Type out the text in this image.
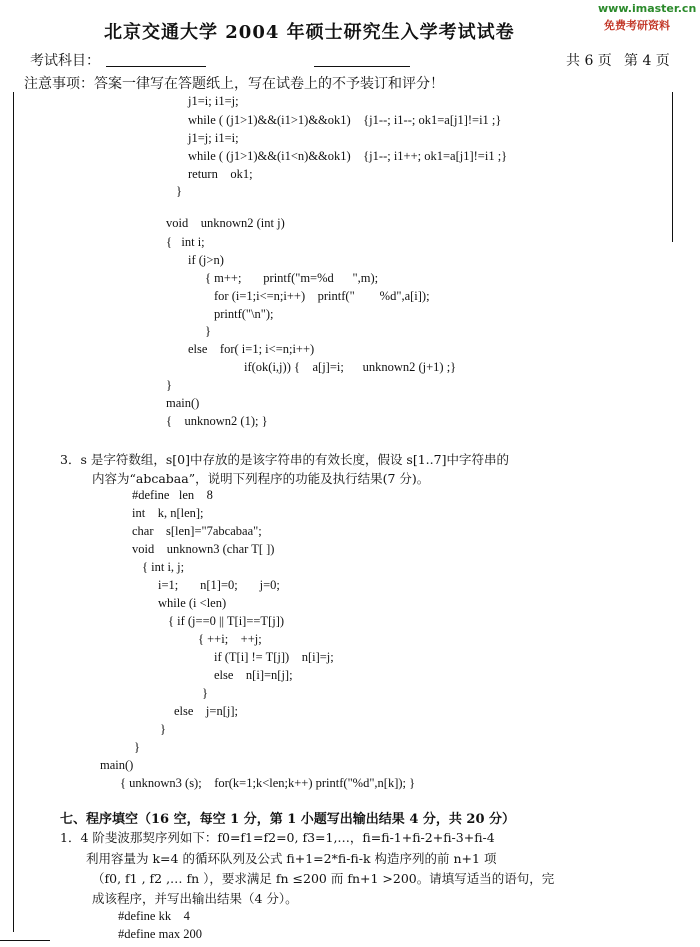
www.imaster.cn
免费考研资料
北京交通大学 2004 年硕士研究生入学考试试卷
考试科目：	共 6 页 第 4 页
注意事项：答案一律写在答题纸上，写在试卷上的不予装订和评分！
j1=i; i1=j;
while ( (j1>1)&&(i1>1)&&ok1)    {j1--; i1--; ok1=a[j1]!=i1 ;}
j1=j; i1=i;
while ( (j1>1)&&(i1<n)&&ok1)    {j1--; i1++; ok1=a[j1]!=i1 ;}
return    ok1;
}
void    unknown2 (int j)
{   int i;
if (j>n)
{ m++;       printf("m=%d      ",m);
for (i=1;i<=n;i++)    printf("        %d",a[i]);
printf("\n");
}
else    for( i=1; i<=n;i++)
if(ok(i,j)) {    a[j]=i;      unknown2 (j+1) ;}
}
main()
{    unknown2 (1); }
3．s 是字符数组，s[0]中存放的是该字符串的有效长度，假设 s[1..7]中字符串的
内容为“abcabaa”，说明下列程序的功能及执行结果(7 分)。
#define   len    8
int    k, n[len];
char    s[len]="7abcabaa";
void    unknown3 (char T[ ])
{ int i, j;
i=1;       n[1]=0;       j=0;
while (i <len)
{ if (j==0 || T[i]==T[j])
{ ++i;    ++j;
if (T[i] != T[j])    n[i]=j;
else    n[i]=n[j];
}
else    j=n[j];
}
}
main()
{ unknown3 (s);    for(k=1;k<len;k++) printf("%d",n[k]); }
七、程序填空（16 空，每空 1 分，第 1 小题写出输出结果 4 分，共 20 分）
1．4 阶斐波那契序列如下：f0=f1=f2=0, f3=1,…，fi=fi-1+fi-2+fi-3+fi-4
利用容量为 k=4 的循环队列及公式 fi+1=2*fi-fi-k 构造序列的前 n+1 项
（f0, f1 , f2 ,… fn ），要求满足 fn ≤200 而 fn+1 >200。请填写适当的语句，完
成该程序，并写出输出结果（4 分）。
#define kk    4
#define max 200
